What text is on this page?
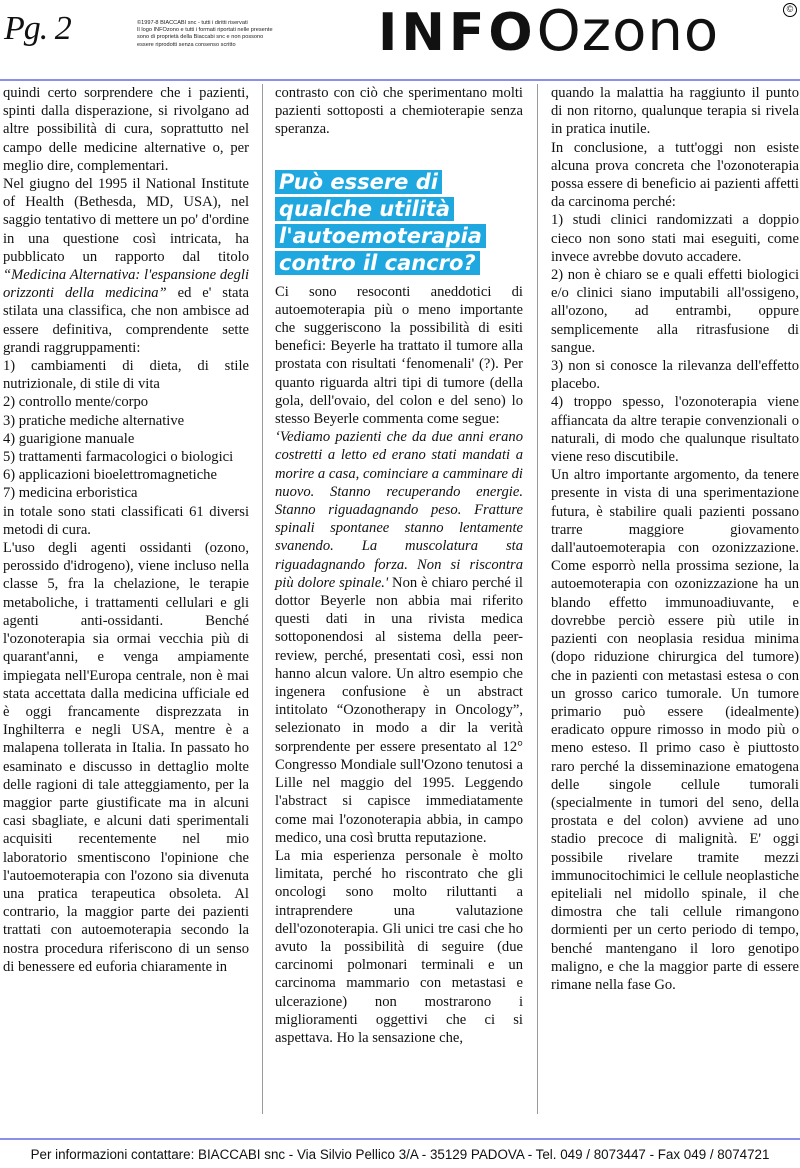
Pg. 2	©1997-8 BIACCABI snc - tutti i diritti riservati
Il logo INFOzono e tutti i formati riportati nelle presente
sono di proprietà della Biaccabi snc e non possono
essere riprodotti senza consenso scritto	INFOOzono	©

quindi certo sorprendere che i pazienti, spinti dalla disperazione, si rivolgano ad altre possibilità di cura, soprattutto nel campo delle medicine alternative o, per meglio dire, complementari.

Nel giugno del 1995 il National Institute of Health (Bethesda, MD, USA), nel saggio tentativo di mettere un po' d'ordine in una questione così intricata, ha pubblicato un rapporto dal titolo “Medicina Alternativa: l'espansione degli orizzonti della medicina” ed e' stata stilata una classifica, che non ambisce ad essere definitiva, comprendente sette grandi raggruppamenti:

1) cambiamenti di dieta, di stile nutrizionale, di stile di vita

2) controllo mente/corpo

3) pratiche mediche alternative

4) guarigione manuale

5) trattamenti farmacologici o biologici

6) applicazioni bioelettromagnetiche

7) medicina erboristica

in totale sono stati classificati 61 diversi metodi di cura.

L'uso degli agenti ossidanti (ozono, perossido d'idrogeno), viene incluso nella classe 5, fra la chelazione, le terapie metaboliche, i trattamenti cellulari e gli agenti anti-ossidanti. Benché l'ozonoterapia sia ormai vecchia più di quarant'anni, e venga ampiamente impiegata nell'Europa centrale, non è mai stata accettata dalla medicina ufficiale ed è oggi francamente disprezzata in Inghilterra e negli USA, mentre è a malapena tollerata in Italia. In passato ho esaminato e discusso in dettaglio molte delle ragioni di tale atteggiamento, per la maggior parte giustificate ma in alcuni casi sbagliate, e alcuni dati sperimentali acquisiti recentemente nel mio laboratorio smentiscono l'opinione che l'autoemoterapia con l'ozono sia divenuta una pratica terapeutica obsoleta. Al contrario, la maggior parte dei pazienti trattati con autoemoterapia secondo la nostra procedura riferiscono di un senso di benessere ed euforia chiaramente in

contrasto con ciò che sperimentano molti pazienti sottoposti a chemioterapie senza speranza.

Può essere di
qualche utilità
l'autoemoterapia
contro il cancro?

Ci sono resoconti aneddotici di autoemoterapia più o meno importante che suggeriscono la possibilità di esiti benefici: Beyerle ha trattato il tumore alla prostata con risultati ‘fenomenali' (?). Per quanto riguarda altri tipi di tumore (della gola, dell'ovaio, del colon e del seno) lo stesso Beyerle commenta come segue:

‘Vediamo pazienti che da due anni erano costretti a letto ed erano stati mandati a morire a casa, cominciare a camminare di nuovo. Stanno recuperando energie. Stanno riguadagnando peso. Fratture spinali spontanee stanno lentamente svanendo. La muscolatura sta riguadagnando forza. Non si riscontra più dolore spinale.' Non è chiaro perché il dottor Beyerle non abbia mai riferito questi dati in una rivista medica sottoponendosi al sistema della peer-review, perché, presentati così, essi non hanno alcun valore. Un altro esempio che ingenera confusione è un abstract intitolato “Ozonotherapy in Oncology”, selezionato in modo a dir la verità sorprendente per essere presentato al 12° Congresso Mondiale sull'Ozono tenutosi a Lille nel maggio del 1995. Leggendo l'abstract si capisce immediatamente come mai l'ozonoterapia abbia, in campo medico, una così brutta reputazione.

La mia esperienza personale è molto limitata, perché ho riscontrato che gli oncologi sono molto riluttanti a intraprendere una valutazione dell'ozonoterapia. Gli unici tre casi che ho avuto la possibilità di seguire (due carcinomi polmonari terminali e un carcinoma mammario con metastasi e ulcerazione) non mostrarono i miglioramenti oggettivi che ci si aspettava. Ho la sensazione che,

quando la malattia ha raggiunto il punto di non ritorno, qualunque terapia si rivela in pratica inutile.

In conclusione, a tutt'oggi non esiste alcuna prova concreta che l'ozonoterapia possa essere di beneficio ai pazienti affetti da carcinoma perché:

1) studi clinici randomizzati a doppio cieco non sono stati mai eseguiti, come invece avrebbe dovuto accadere.

2) non è chiaro se e quali effetti biologici e/o clinici siano imputabili all'ossigeno, all'ozono, ad entrambi, oppure semplicemente alla ritrasfusione di sangue.

3) non si conosce la rilevanza dell'effetto placebo.

4) troppo spesso, l'ozonoterapia viene affiancata da altre terapie convenzionali o naturali, di modo che qualunque risultato viene reso discutibile.

Un altro importante argomento, da tenere presente in vista di una sperimentazione futura, è stabilire quali pazienti possano trarre maggiore giovamento dall'autoemoterapia con ozonizzazione. Come esporrò nella prossima sezione, la autoemoterapia con ozonizzazione ha un blando effetto immunoadiuvante, e dovrebbe perciò essere più utile in pazienti con neoplasia residua minima (dopo riduzione chirurgica del tumore) che in pazienti con metastasi estesa o con un grosso carico tumorale. Un tumore primario può essere (idealmente) eradicato oppure rimosso in modo più o meno esteso. Il primo caso è piuttosto raro perché la disseminazione ematogena delle singole cellule tumorali (specialmente in tumori del seno, della prostata e del colon) avviene ad uno stadio precoce di malignità. E' oggi possibile rivelare tramite mezzi immunocitochimici le cellule neoplastiche epiteliali nel midollo spinale, il che dimostra che tali cellule rimangono dormienti per un certo periodo di tempo, benché mantengano il loro genotipo maligno, e che la maggior parte di essere rimane nella fase Go.

Per informazioni contattare: BIACCABI snc - Via Silvio Pellico 3/A - 35129 PADOVA - Tel. 049 / 8073447 - Fax 049 / 8074721
